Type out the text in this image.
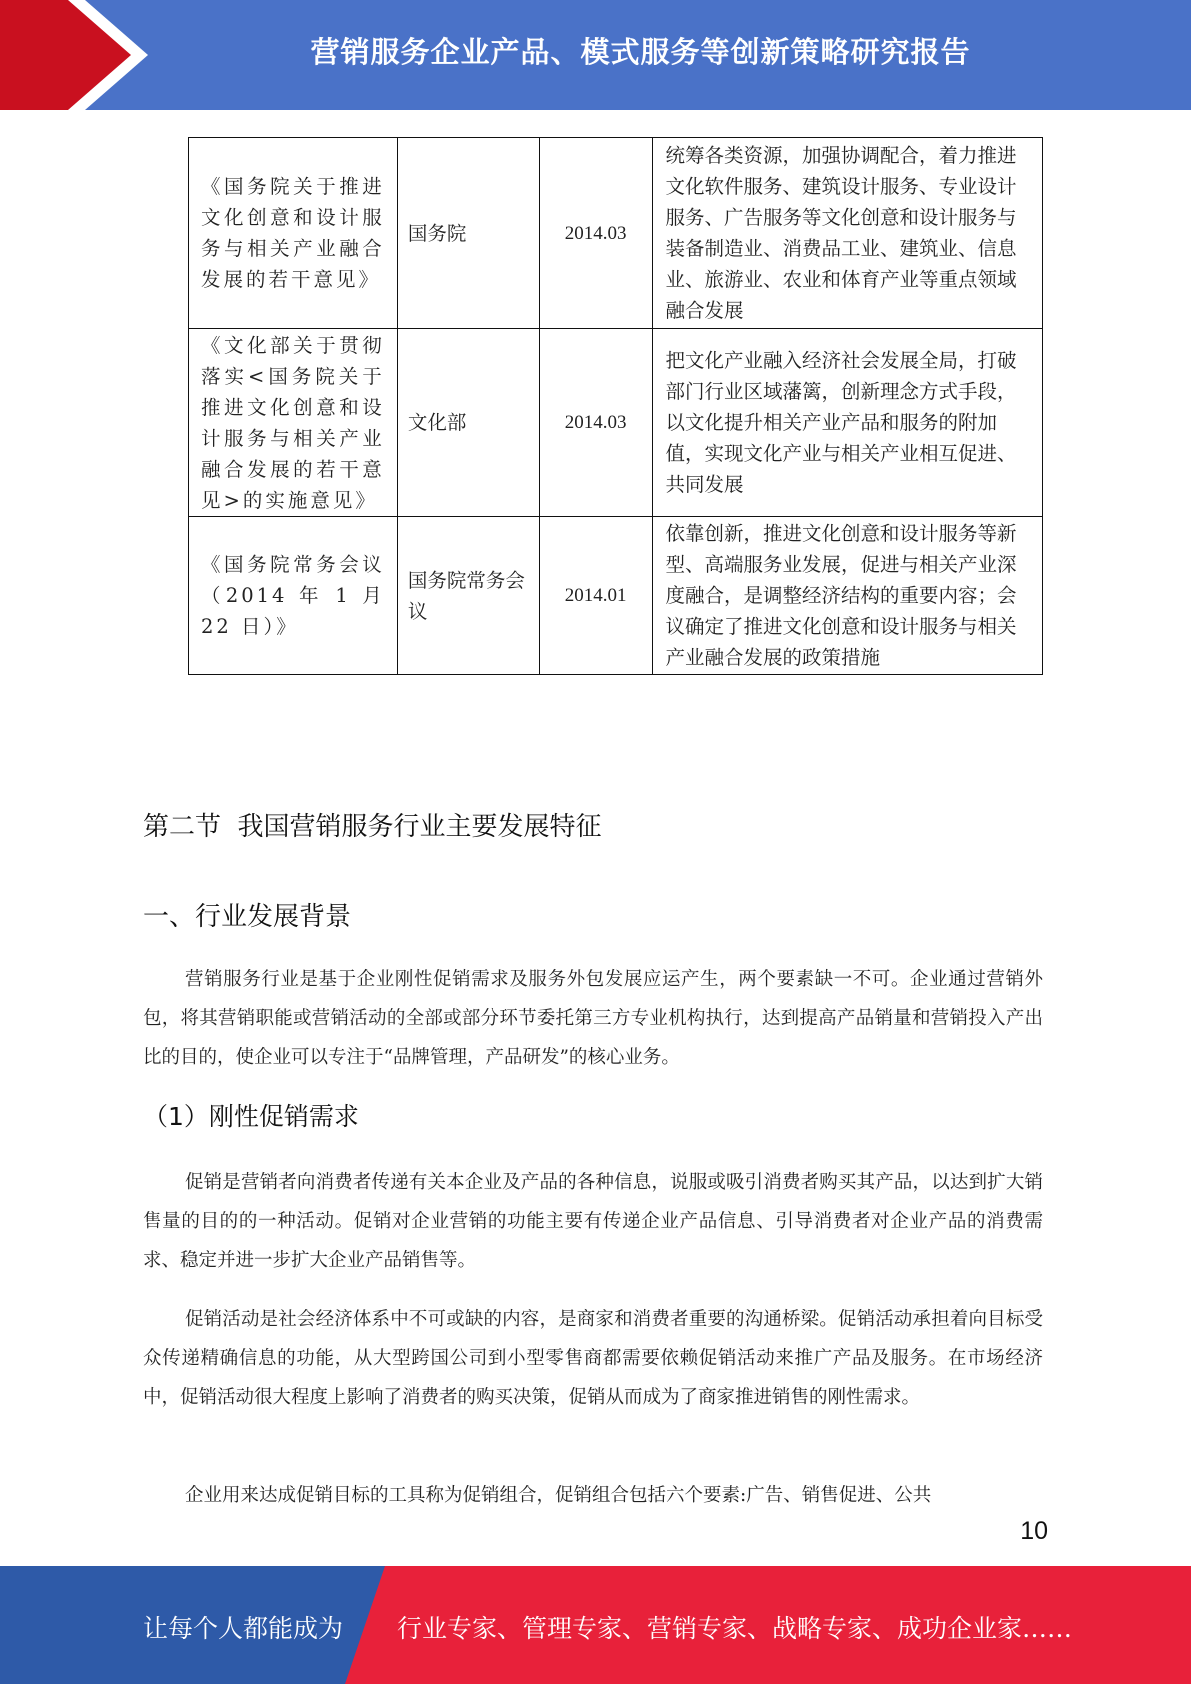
营销服务企业产品、模式服务等创新策略研究报告
《国务院关于推进文化创意和设计服务与相关产业融合发展的若干意见》	国务院	2014.03	统筹各类资源，加强协调配合，着力推进文化软件服务、建筑设计服务、专业设计服务、广告服务等文化创意和设计服务与装备制造业、消费品工业、建筑业、信息业、旅游业、农业和体育产业等重点领域融合发展
《文化部关于贯彻落实<国务院关于推进文化创意和设计服务与相关产业融合发展的若干意见>的实施意见》	文化部	2014.03	把文化产业融入经济社会发展全局，打破部门行业区域藩篱，创新理念方式手段，以文化提升相关产业产品和服务的附加值，实现文化产业与相关产业相互促进、共同发展
《国务院常务会议（2014 年 1 月 22 日）》	国务院常务会议	2014.01	依靠创新，推进文化创意和设计服务等新型、高端服务业发展，促进与相关产业深度融合，是调整经济结构的重要内容；会议确定了推进文化创意和设计服务与相关产业融合发展的政策措施
第二节  我国营销服务行业主要发展特征
一、行业发展背景

营销服务行业是基于企业刚性促销需求及服务外包发展应运产生，两个要素缺一不可。企业通过营销外包，将其营销职能或营销活动的全部或部分环节委托第三方专业机构执行，达到提高产品销量和营销投入产出比的目的，使企业可以专注于“品牌管理，产品研发”的核心业务。

（1）刚性促销需求

促销是营销者向消费者传递有关本企业及产品的各种信息，说服或吸引消费者购买其产品，以达到扩大销售量的目的的一种活动。促销对企业营销的功能主要有传递企业产品信息、引导消费者对企业产品的消费需求、稳定并进一步扩大企业产品销售等。

促销活动是社会经济体系中不可或缺的内容，是商家和消费者重要的沟通桥梁。促销活动承担着向目标受众传递精确信息的功能，从大型跨国公司到小型零售商都需要依赖促销活动来推广产品及服务。在市场经济中，促销活动很大程度上影响了消费者的购买决策，促销从而成为了商家推进销售的刚性需求。

企业用来达成促销目标的工具称为促销组合，促销组合包括六个要素:广告、销售促进、公共

10
让每个人都能成为 行业专家、管理专家、营销专家、战略专家、成功企业家……
